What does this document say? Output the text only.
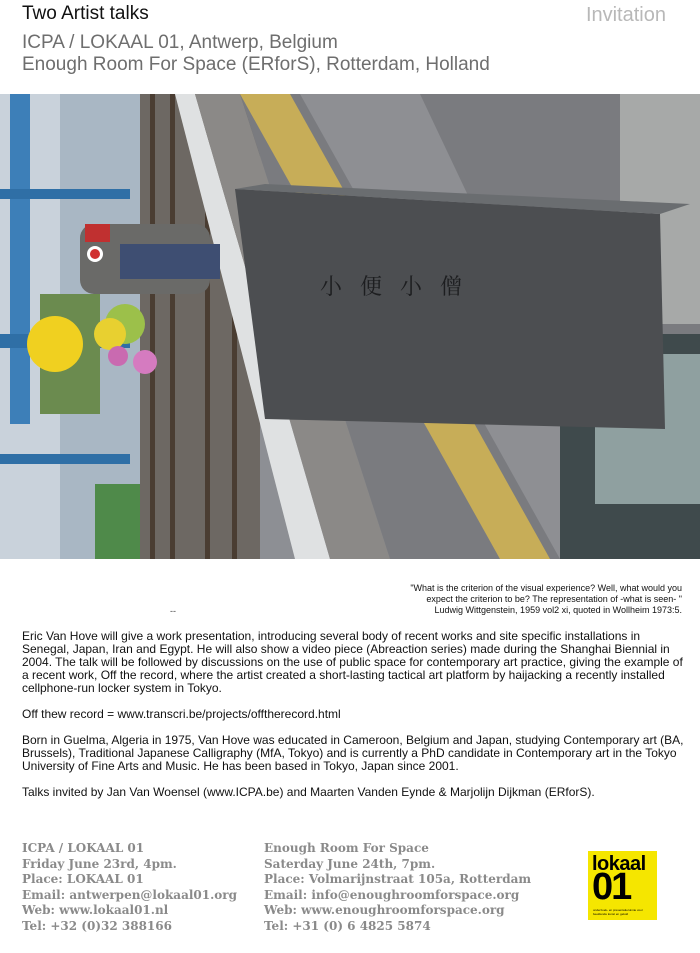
Two Artist talks	Invitation
ICPA / LOKAAL 01, Antwerp, Belgium
Enough Room For Space (ERforS), Rotterdam, Holland
小便小僧
"What is the criterion of the visual experience? Well, what would you
expect the criterion to be? The representation of -what is seen- "
Ludwig Wittgenstein, 1959 vol2 xi, quoted in Wollheim 1973:5.
--

Eric Van Hove will give a work presentation, introducing several body of recent works and site specific installations in Senegal, Japan, Iran and Egypt. He will also show a video piece (Abreaction series) made during the Shanghai Biennial in 2004. The talk will be followed by discussions on the use of public space for contemporary art practice, giving the example of a recent work, Off the record, where the artist created a short-lasting tactical art platform by haijacking a recently installed cellphone-run locker system in Tokyo.

Off thew record = www.transcri.be/projects/offtherecord.html

Born in Guelma, Algeria in 1975, Van Hove was educated in Cameroon, Belgium and Japan, studying Contemporary art (BA, Brussels), Traditional Japanese Calligraphy (MfA, Tokyo) and is currently a PhD candidate in Contemporary art in the Tokyo University of Fine Arts and Music. He has been based in Tokyo, Japan since 2001.

Talks invited by Jan Van Woensel (www.ICPA.be) and Maarten Vanden Eynde & Marjolijn Dijkman (ERforS).

ICPA / LOKAAL 01
Friday June 23rd, 4pm.
Place: LOKAAL 01
Email: antwerpen@lokaal01.org
Web: www.lokaal01.nl
Tel: +32 (0)32 388166
Enough Room For Space
Saterday June 24th, 7pm.
Place: Volmarijnstraat 105a, Rotterdam
Email: info@enoughroomforspace.org
Web: www.enoughroomforspace.org
Tel: +31 (0) 6 4825 5874
lokaal
01
onderzoek- en presentatieruimte voor beeldende kunst en geluid
